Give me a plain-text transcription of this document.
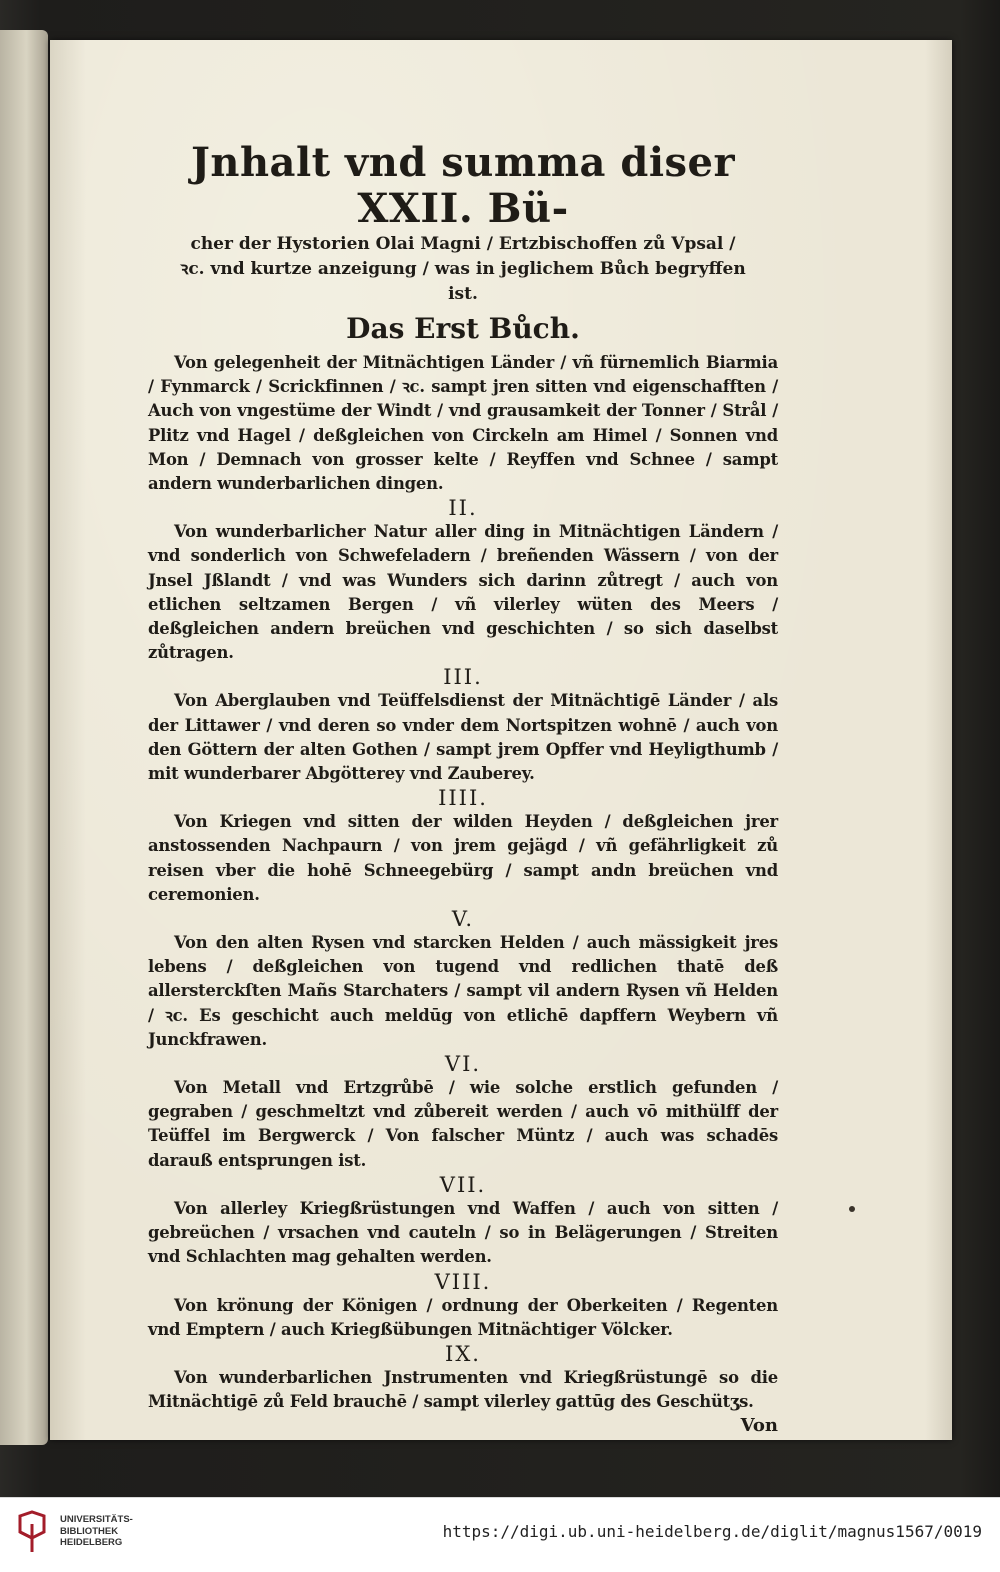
Jnhalt vnd summa diser XXII. Bü-

cher der Hystorien Olai Magni / Ertzbischoffen zů Vpsal / ꝛc. vnd kurtze anzeigung / was in jeglichem Bůch begryffen ist.

Das Erst Bůch.

Von gelegenheit der Mitnächtigen Länder / vñ fürnemlich Biarmia / Fynmarck / Scrickfinnen / ꝛc. sampt jren sitten vnd eigenschafften / Auch von vngestüme der Windt / vnd grausamkeit der Tonner / Strål / Plitz vnd Hagel / deßgleichen von Circkeln am Himel / Sonnen vnd Mon / Demnach von grosser kelte / Reyffen vnd Schnee / sampt andern wunderbarlichen dingen.

II.

Von wunderbarlicher Natur aller ding in Mitnächtigen Ländern / vnd sonderlich von Schwefeladern / breñenden Wässern / von der Jnsel Jßlandt / vnd was Wunders sich darinn zůtregt / auch von etlichen seltzamen Bergen / vñ vilerley wüten des Meers / deßgleichen andern breüchen vnd geschichten / so sich daselbst zůtragen.

III.

Von Aberglauben vnd Teüffelsdienst der Mitnächtigē Länder / als der Littawer / vnd deren so vnder dem Nortspitzen wohnē / auch von den Göttern der alten Gothen / sampt jrem Opffer vnd Heyligthumb / mit wunderbarer Abgötterey vnd Zauberey.

IIII.

Von Kriegen vnd sitten der wilden Heyden / deßgleichen jrer anstossenden Nachpaurn / von jrem gejägd / vñ gefährligkeit zů reisen vber die hohē Schneegebürg / sampt andn breüchen vnd ceremonien.

V.

Von den alten Rysen vnd starcken Helden / auch mässigkeit jres lebens / deßgleichen von tugend vnd redlichen thatē deß allersterckſten Mañs Starchaters / sampt vil andern Rysen vñ Helden / ꝛc. Es geschicht auch meldūg von etlichē dapffern Weybern vñ Junckfrawen.

VI.

Von Metall vnd Ertzgrůbē / wie solche erstlich gefunden / gegraben / geschmeltzt vnd zůbereit werden / auch vō mithülff der Teüffel im Bergwerck / Von falscher Müntz / auch was schadēs darauß entsprungen ist.

VII.

Von allerley Kriegßrüstungen vnd Waffen / auch von sitten / gebreüchen / vrsachen vnd cauteln / so in Belägerungen / Streiten vnd Schlachten mag gehalten werden.

VIII.

Von krönung der Königen / ordnung der Oberkeiten / Regenten vnd Emptern / auch Kriegßübungen Mitnächtiger Völcker.

IX.

Von wunderbarlichen Jnstrumenten vnd Kriegßrüstungē so die Mitnächtigē zů Feld brauchē / sampt vilerley gattūg des Geschütʒs.

Von

UNIVERSITÄTS-
BIBLIOTHEK
HEIDELBERG
https://digi.ub.uni-heidelberg.de/diglit/magnus1567/0019
